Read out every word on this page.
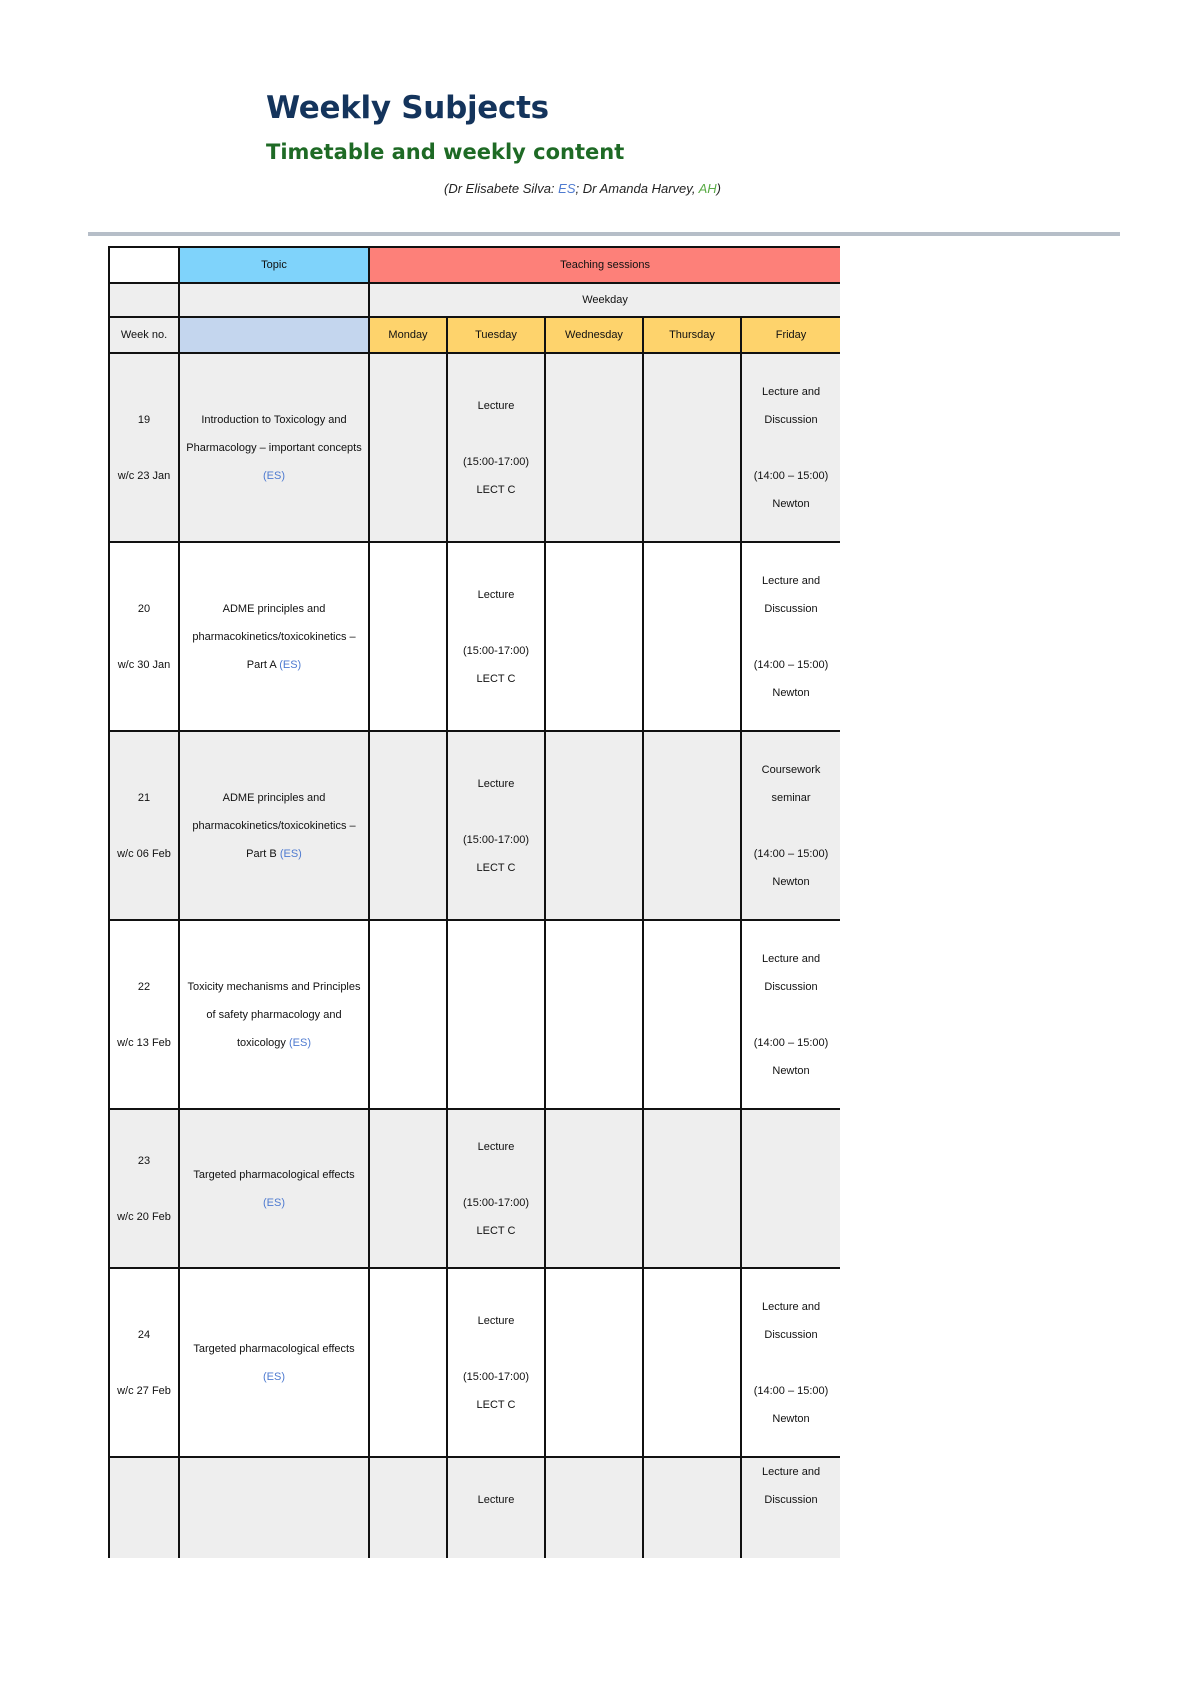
Weekly Subjects
Timetable and weekly content
(Dr Elisabete Silva: ES; Dr Amanda Harvey, AH)
	Topic	Teaching sessions				
		Weekday				
Week no.		Monday	Tuesday	Wednesday	Thursday	Friday

19
w/c 23 Jan	Introduction to Toxicology and Pharmacology – important concepts (ES)		Lecture
(15:00-17:00)
LECT C			Lecture and
Discussion
(14:00 – 15:00)
Newton

20
w/c 30 Jan	ADME principles and pharmacokinetics/toxicokinetics – Part A (ES)		Lecture
(15:00-17:00)
LECT C			Lecture and
Discussion
(14:00 – 15:00)
Newton

21
w/c 06 Feb	ADME principles and pharmacokinetics/toxicokinetics – Part B (ES)		Lecture
(15:00-17:00)
LECT C			Coursework
seminar
(14:00 – 15:00)
Newton

22
w/c 13 Feb	Toxicity mechanisms and Principles of safety pharmacology and toxicology (ES)					Lecture and
Discussion
(14:00 – 15:00)
Newton

23
w/c 20 Feb	Targeted pharmacological effects (ES)		Lecture
(15:00-17:00)
LECT C			

24
w/c 27 Feb	Targeted pharmacological effects (ES)		Lecture
(15:00-17:00)
LECT C			Lecture and
Discussion
(14:00 – 15:00)
Newton

			Lecture			Lecture and
Discussion
